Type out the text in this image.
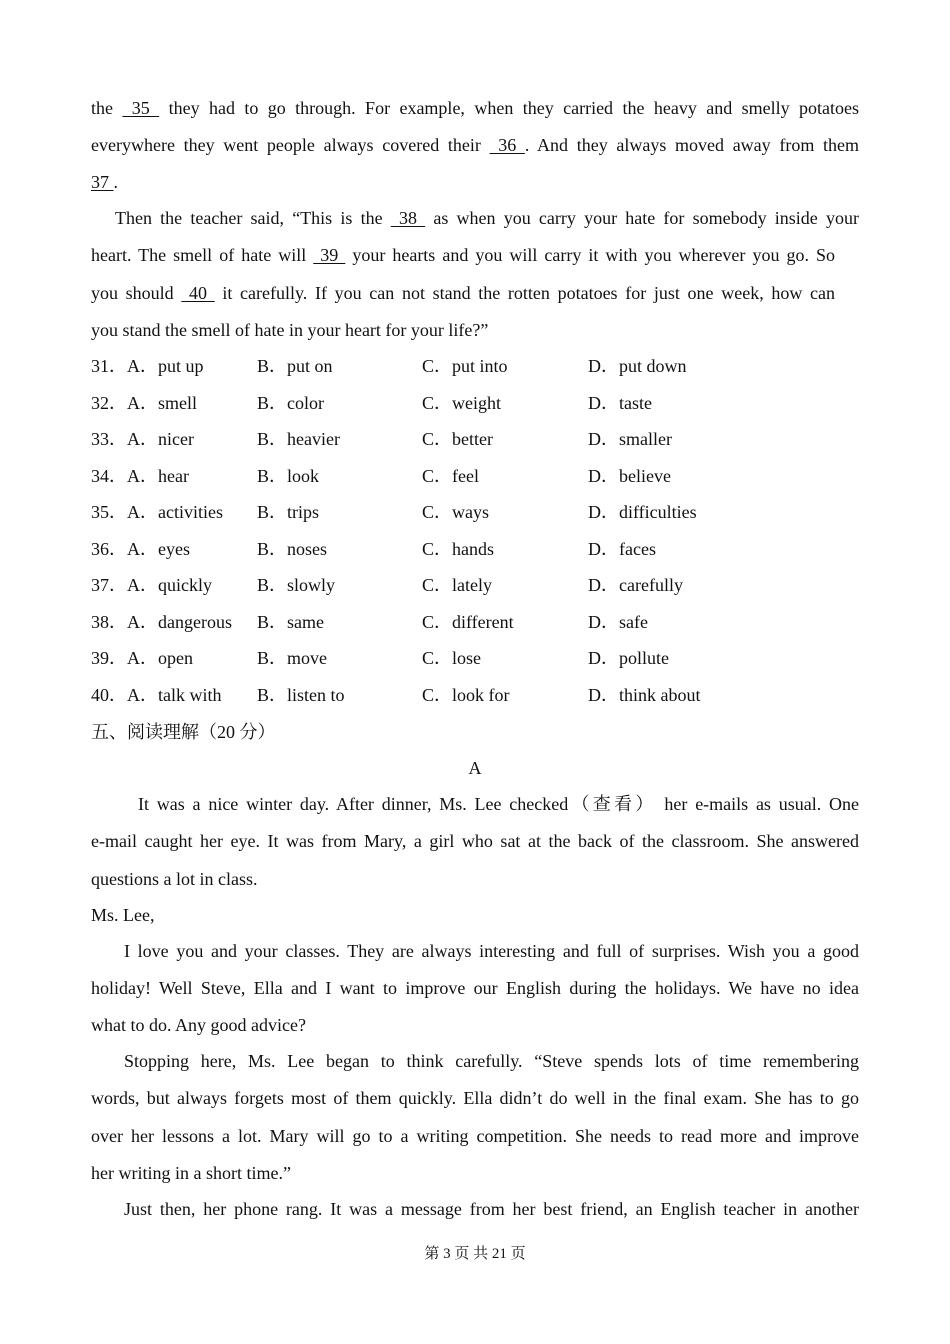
the  35  they had to go through. For example, when they carried the heavy and smelly potatoes
everywhere they went people always covered their  36 . And they always moved away from them
37 .
Then the teacher said, “This is the  38  as when you carry your hate for somebody inside your
heart. The smell of hate will  39  your hearts and you will carry it with you wherever you go. So
you should  40  it carefully. If you can not stand the rotten potatoes for just one week, how can
you stand the smell of hate in your heart for your life?”
31．A．put up	B．put on	C．put into	D．put down
32．A．smell	B．color	C．weight	D．taste
33．A．nicer	B．heavier	C．better	D．smaller
34．A．hear	B．look	C．feel	D．believe
35．A．activities B．trips	C．ways	D．difficulties
36．A．eyes	B．noses	C．hands	D．faces
37．A．quickly	B．slowly	C．lately	D．carefully
38．A．dangerous B．same	C．different	D．safe
39．A．open	B．move	C．lose	D．pollute
40．A．talk with B．listen to	C．look for	D．think about
五、阅读理解（20 分）
A
It was a nice winter day. After dinner, Ms. Lee checked（查看） her e-mails as usual. One
e-mail caught her eye. It was from Mary, a girl who sat at the back of the classroom. She answered
questions a lot in class.
Ms. Lee,
I love you and your classes. They are always interesting and full of surprises. Wish you a good
holiday! Well Steve, Ella and I want to improve our English during the holidays. We have no idea
what to do. Any good advice?
Stopping here, Ms. Lee began to think carefully. “Steve spends lots of time remembering
words, but always forgets most of them quickly. Ella didn’t do well in the final exam. She has to go
over her lessons a lot. Mary will go to a writing competition. She needs to read more and improve
her writing in a short time.”
Just then, her phone rang. It was a message from her best friend, an English teacher in another
第 3 页 共 21 页
